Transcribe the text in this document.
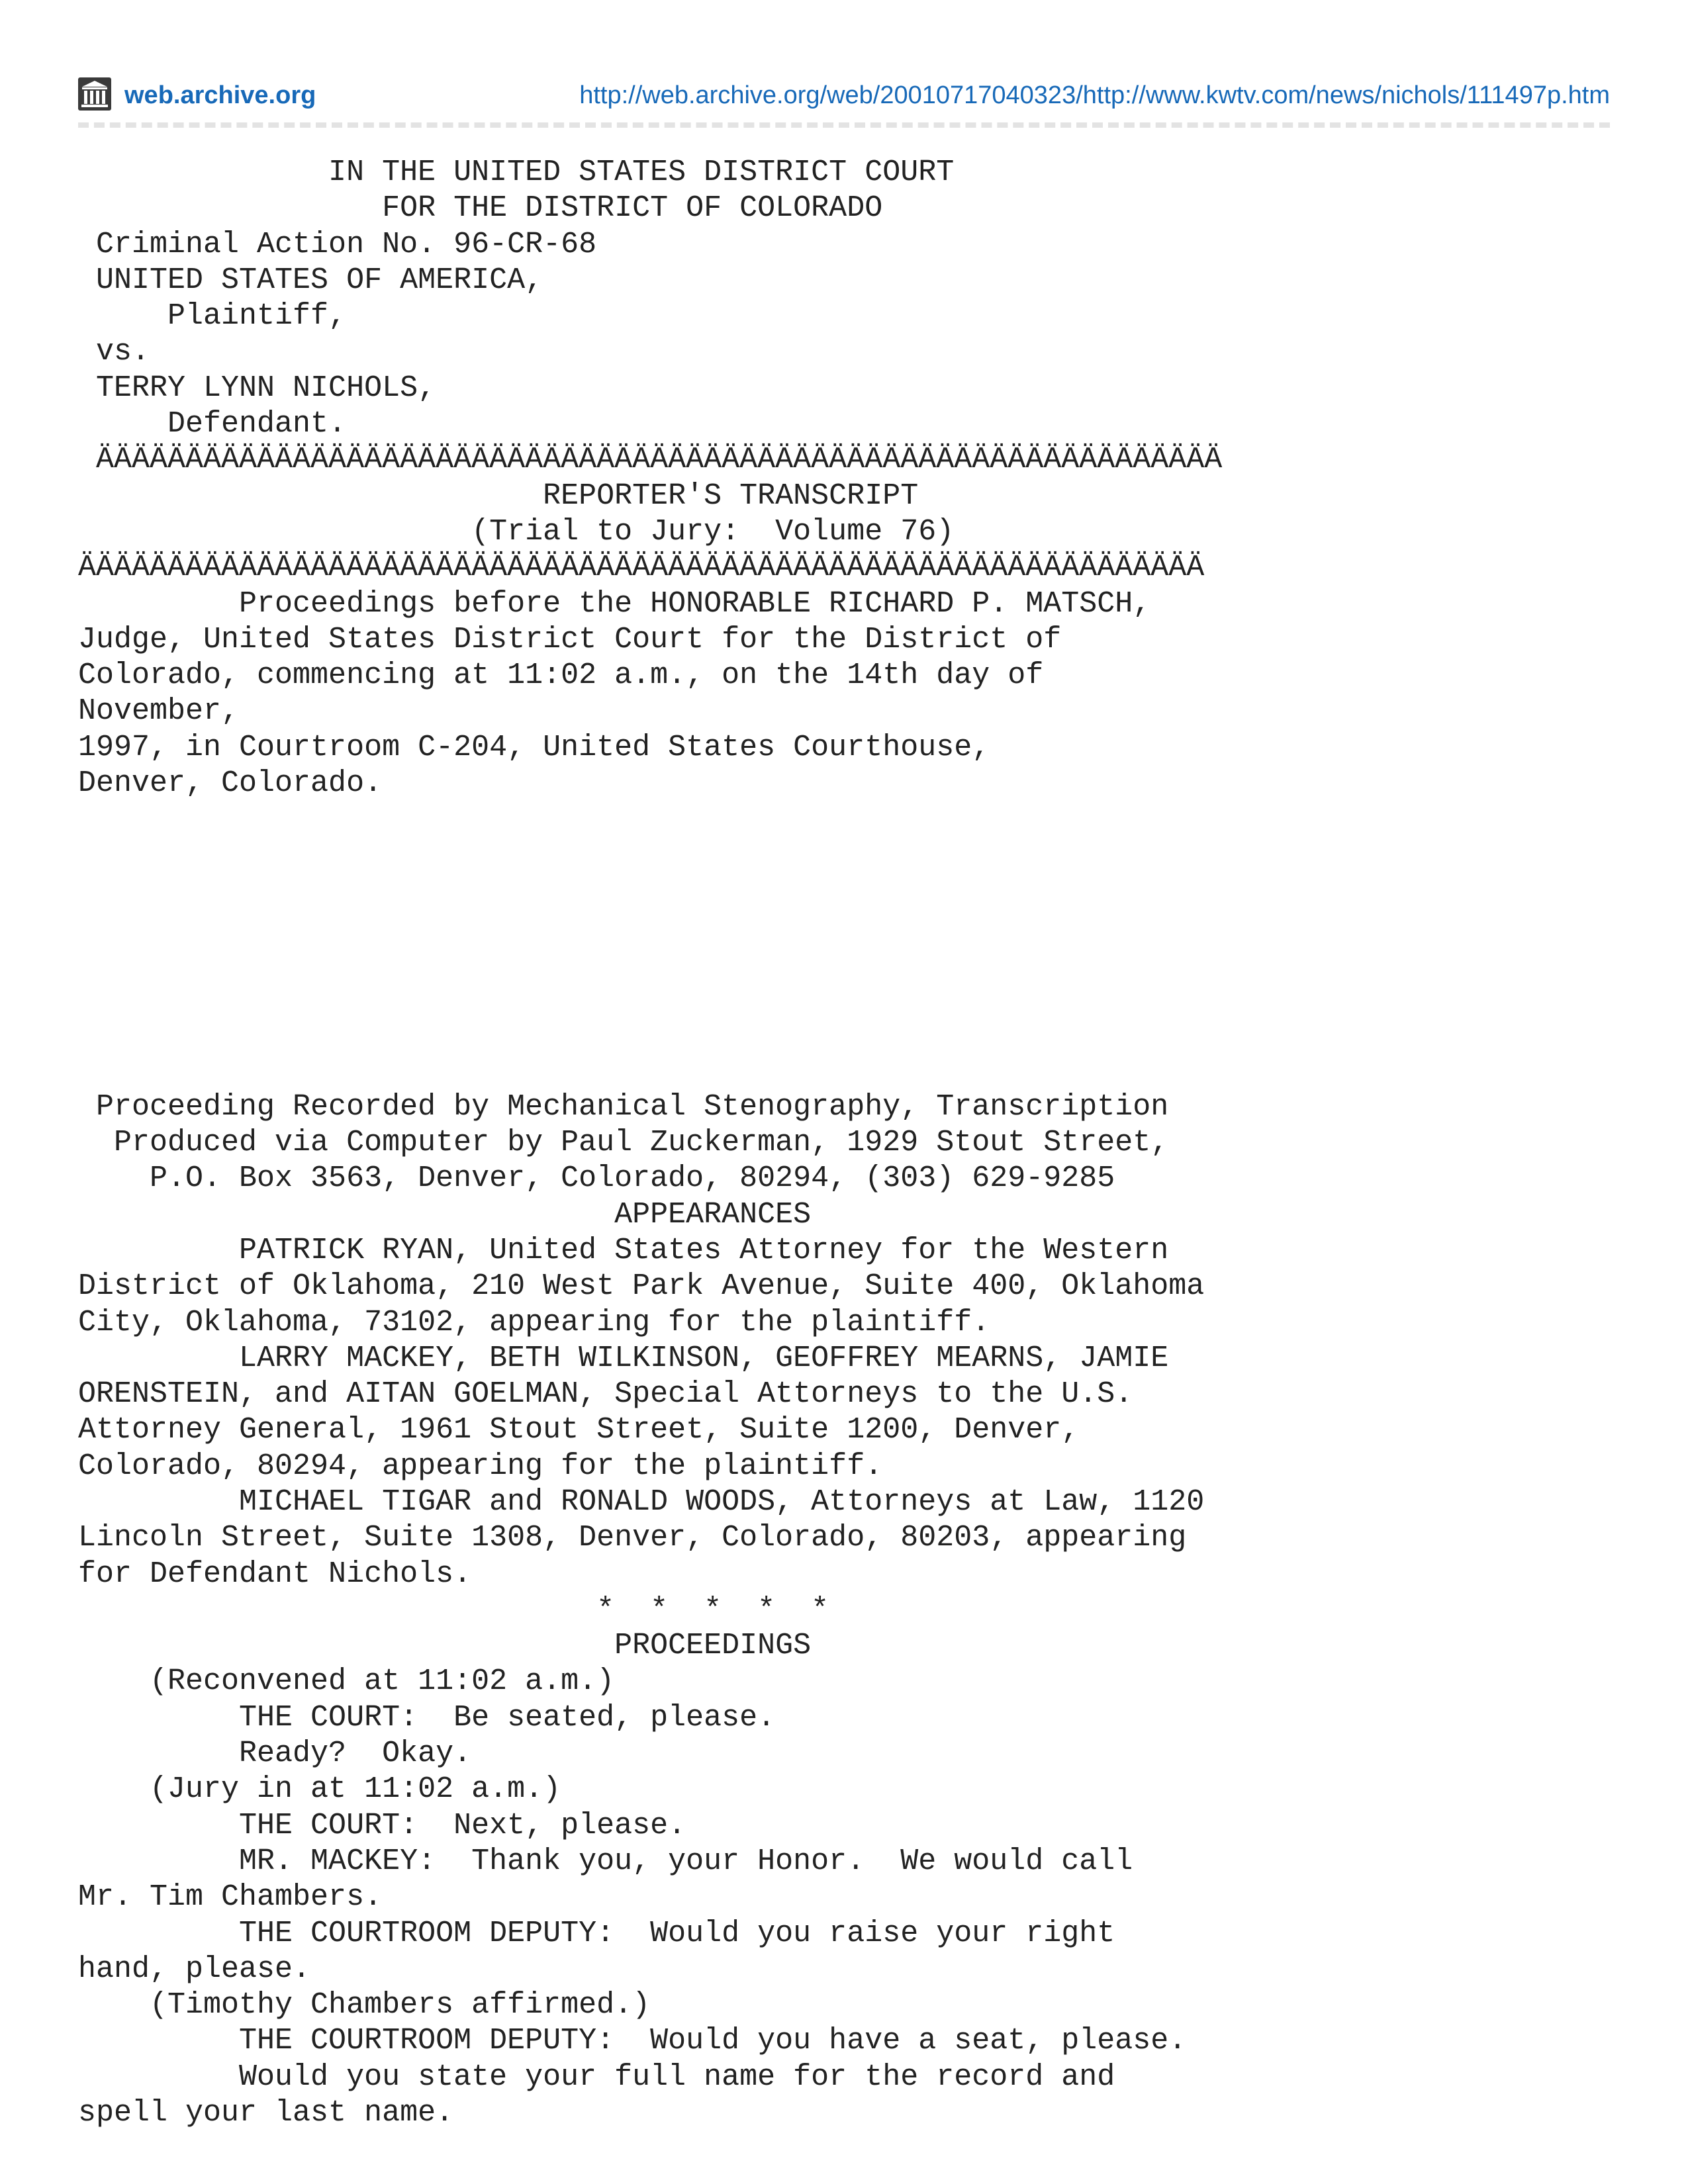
web.archive.org	http://web.archive.org/web/20010717040323/http://www.kwtv.com/news/nichols/111497p.htm
IN THE UNITED STATES DISTRICT COURT
FOR THE DISTRICT OF COLORADO
Criminal Action No. 96-CR-68
UNITED STATES OF AMERICA,
Plaintiff,
vs.
TERRY LYNN NICHOLS,
Defendant.
ÄÄÄÄÄÄÄÄÄÄÄÄÄÄÄÄÄÄÄÄÄÄÄÄÄÄÄÄÄÄÄÄÄÄÄÄÄÄÄÄÄÄÄÄÄÄÄÄÄÄÄÄÄÄÄÄÄÄÄÄÄÄÄ
REPORTER'S TRANSCRIPT
(Trial to Jury:  Volume 76)
ÄÄÄÄÄÄÄÄÄÄÄÄÄÄÄÄÄÄÄÄÄÄÄÄÄÄÄÄÄÄÄÄÄÄÄÄÄÄÄÄÄÄÄÄÄÄÄÄÄÄÄÄÄÄÄÄÄÄÄÄÄÄÄ
Proceedings before the HONORABLE RICHARD P. MATSCH,
Judge, United States District Court for the District of
Colorado, commencing at 11:02 a.m., on the 14th day of
November,
1997, in Courtroom C-204, United States Courthouse,
Denver, Colorado.

Proceeding Recorded by Mechanical Stenography, Transcription
Produced via Computer by Paul Zuckerman, 1929 Stout Street,
P.O. Box 3563, Denver, Colorado, 80294, (303) 629-9285
APPEARANCES
PATRICK RYAN, United States Attorney for the Western
District of Oklahoma, 210 West Park Avenue, Suite 400, Oklahoma
City, Oklahoma, 73102, appearing for the plaintiff.
LARRY MACKEY, BETH WILKINSON, GEOFFREY MEARNS, JAMIE
ORENSTEIN, and AITAN GOELMAN, Special Attorneys to the U.S.
Attorney General, 1961 Stout Street, Suite 1200, Denver,
Colorado, 80294, appearing for the plaintiff.
MICHAEL TIGAR and RONALD WOODS, Attorneys at Law, 1120
Lincoln Street, Suite 1308, Denver, Colorado, 80203, appearing
for Defendant Nichols.
*  *  *  *  *
PROCEEDINGS
(Reconvened at 11:02 a.m.)
THE COURT:  Be seated, please.
Ready?  Okay.
(Jury in at 11:02 a.m.)
THE COURT:  Next, please.
MR. MACKEY:  Thank you, your Honor.  We would call
Mr. Tim Chambers.
THE COURTROOM DEPUTY:  Would you raise your right
hand, please.
(Timothy Chambers affirmed.)
THE COURTROOM DEPUTY:  Would you have a seat, please.
Would you state your full name for the record and
spell your last name.
